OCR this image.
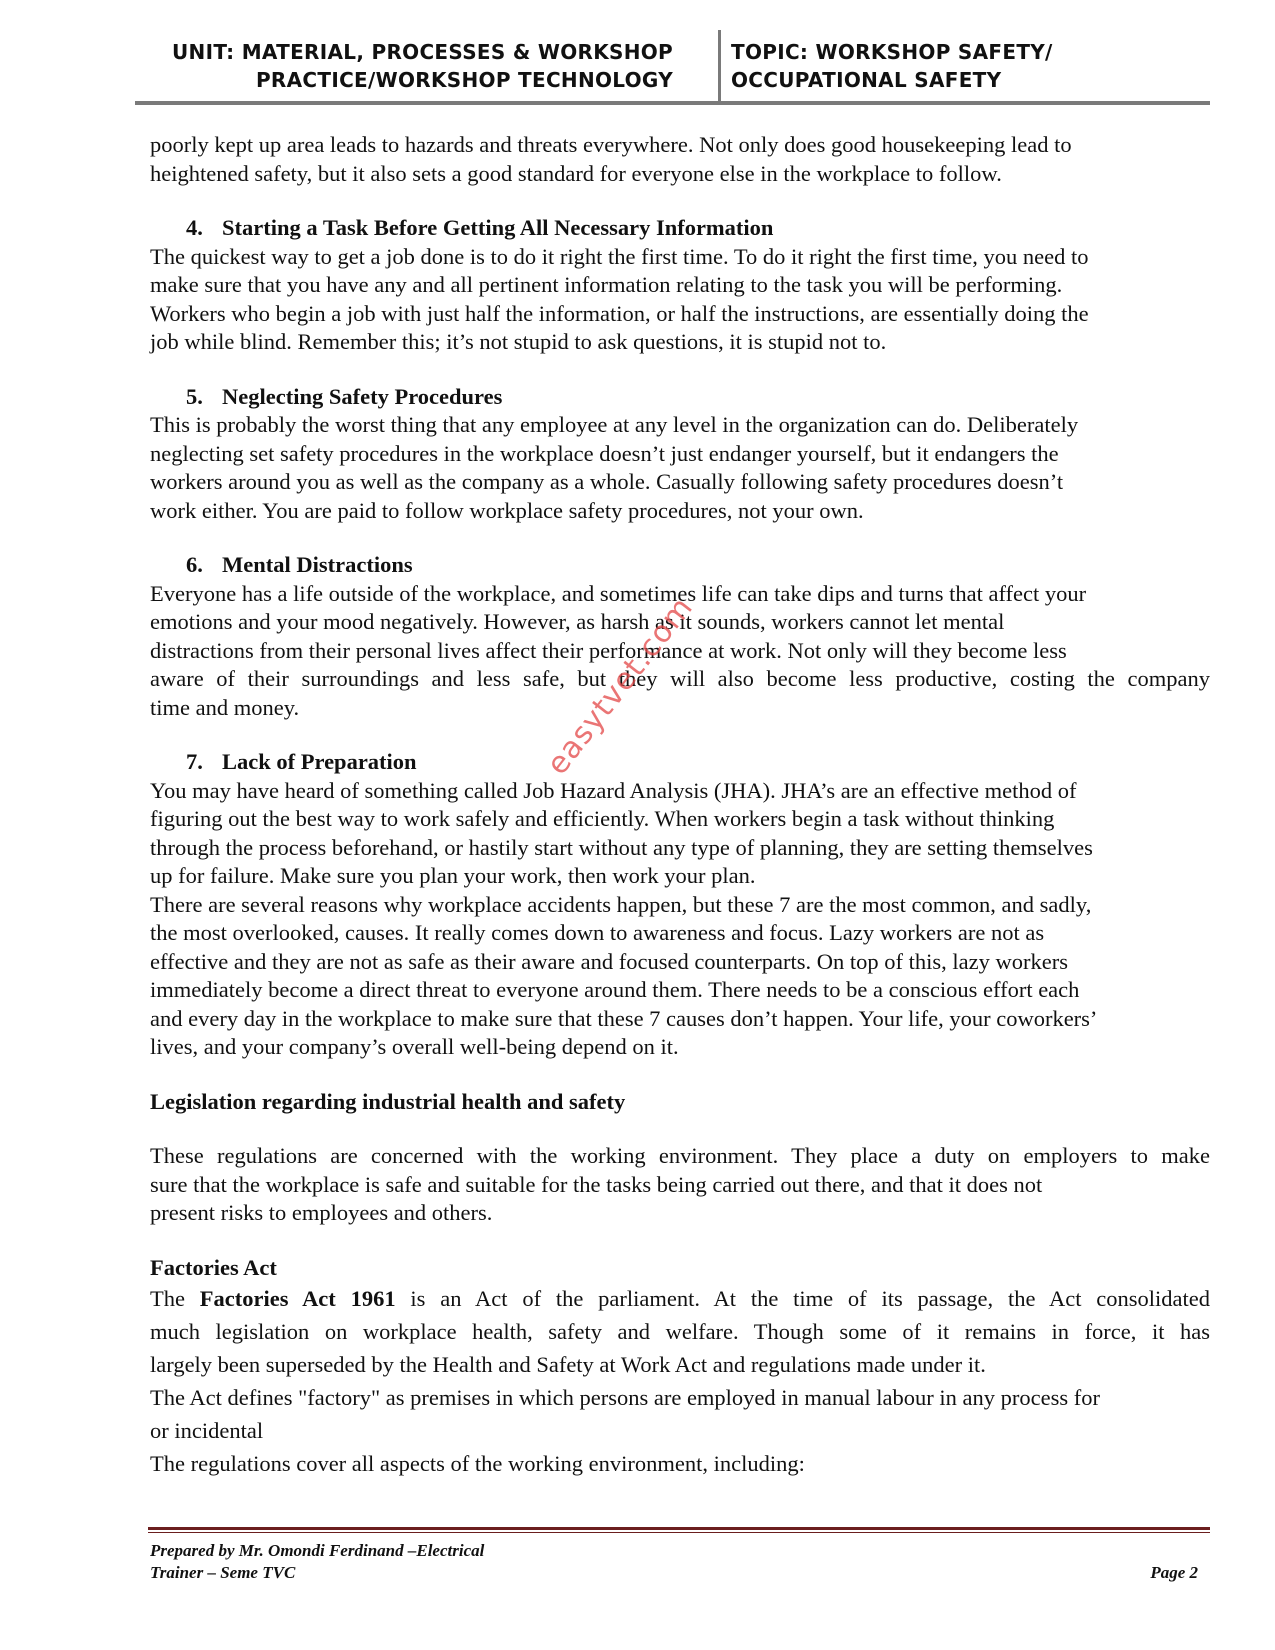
UNIT: MATERIAL, PROCESSES & WORKSHOP
PRACTICE/WORKSHOP TECHNOLOGY
TOPIC: WORKSHOP SAFETY/
OCCUPATIONAL SAFETY

poorly kept up area leads to hazards and threats everywhere. Not only does good housekeeping lead to

heightened safety, but it also sets a good standard for everyone else in the workplace to follow.

4. Starting a Task Before Getting All Necessary Information

The quickest way to get a job done is to do it right the first time. To do it right the first time, you need to

make sure that you have any and all pertinent information relating to the task you will be performing.

Workers who begin a job with just half the information, or half the instructions, are essentially doing the

job while blind. Remember this; it’s not stupid to ask questions, it is stupid not to.

5. Neglecting Safety Procedures

This is probably the worst thing that any employee at any level in the organization can do. Deliberately

neglecting set safety procedures in the workplace doesn’t just endanger yourself, but it endangers the

workers around you as well as the company as a whole. Casually following safety procedures doesn’t

work either. You are paid to follow workplace safety procedures, not your own.

6. Mental Distractions

Everyone has a life outside of the workplace, and sometimes life can take dips and turns that affect your

emotions and your mood negatively. However, as harsh as it sounds, workers cannot let mental

distractions from their personal lives affect their performance at work. Not only will they become less

aware of their surroundings and less safe, but they will also become less productive, costing the company

time and money.

7. Lack of Preparation

You may have heard of something called Job Hazard Analysis (JHA). JHA’s are an effective method of

figuring out the best way to work safely and efficiently. When workers begin a task without thinking

through the process beforehand, or hastily start without any type of planning, they are setting themselves

up for failure. Make sure you plan your work, then work your plan.

There are several reasons why workplace accidents happen, but these 7 are the most common, and sadly,

the most overlooked, causes. It really comes down to awareness and focus. Lazy workers are not as

effective and they are not as safe as their aware and focused counterparts. On top of this, lazy workers

immediately become a direct threat to everyone around them. There needs to be a conscious effort each

and every day in the workplace to make sure that these 7 causes don’t happen. Your life, your coworkers’

lives, and your company’s overall well-being depend on it.

Legislation regarding industrial health and safety

These regulations are concerned with the working environment. They place a duty on employers to make

sure that the workplace is safe and suitable for the tasks being carried out there, and that it does not

present risks to employees and others.

Factories Act

The Factories Act 1961 is an Act of the parliament. At the time of its passage, the Act consolidated

much legislation on workplace health, safety and welfare. Though some of it remains in force, it has

largely been superseded by the Health and Safety at Work Act and regulations made under it.

The Act defines "factory" as premises in which persons are employed in manual labour in any process for

or incidental

The regulations cover all aspects of the working environment, including:

easytvet.com
Prepared by Mr. Omondi Ferdinand –Electrical
Trainer – Seme TVC	Page 2
